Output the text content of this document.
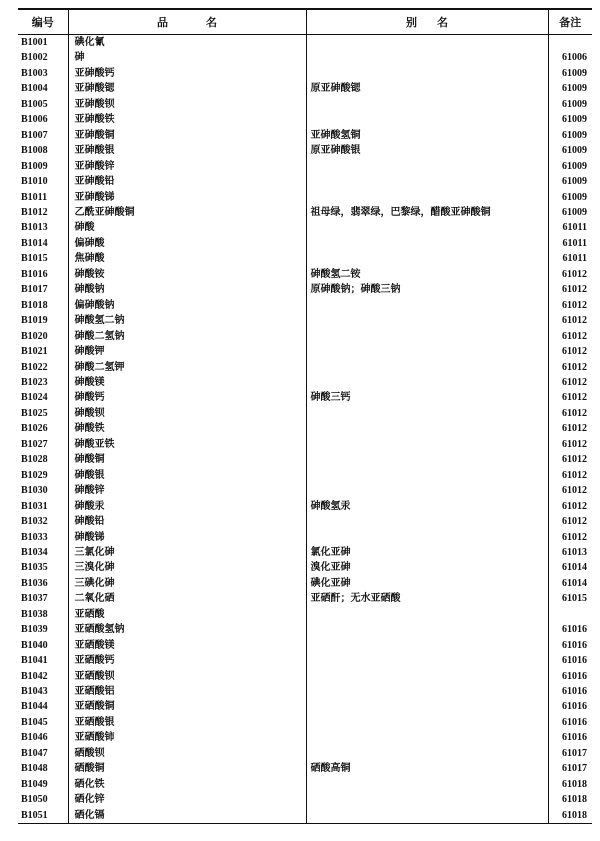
编号	品 名	别 名	备注
B1001	碘化氰		
B1002	砷		61006
B1003	亚砷酸钙		61009
B1004	亚砷酸锶	原亚砷酸锶	61009
B1005	亚砷酸钡		61009
B1006	亚砷酸铁		61009
B1007	亚砷酸铜	亚砷酸氢铜	61009
B1008	亚砷酸银	原亚砷酸银	61009
B1009	亚砷酸锌		61009
B1010	亚砷酸铅		61009
B1011	亚砷酸锑		61009
B1012	乙酰亚砷酸铜	祖母绿，翡翠绿，巴黎绿，醋酸亚砷酸铜	61009
B1013	砷酸		61011
B1014	偏砷酸		61011
B1015	焦砷酸		61011
B1016	砷酸铵	砷酸氢二铵	61012
B1017	砷酸钠	原砷酸钠；砷酸三钠	61012
B1018	偏砷酸钠		61012
B1019	砷酸氢二钠		61012
B1020	砷酸二氢钠		61012
B1021	砷酸钾		61012
B1022	砷酸二氢钾		61012
B1023	砷酸镁		61012
B1024	砷酸钙	砷酸三钙	61012
B1025	砷酸钡		61012
B1026	砷酸铁		61012
B1027	砷酸亚铁		61012
B1028	砷酸铜		61012
B1029	砷酸银		61012
B1030	砷酸锌		61012
B1031	砷酸汞	砷酸氢汞	61012
B1032	砷酸铅		61012
B1033	砷酸锑		61012
B1034	三氯化砷	氯化亚砷	61013
B1035	三溴化砷	溴化亚砷	61014
B1036	三碘化砷	碘化亚砷	61014
B1037	二氧化硒	亚硒酐；无水亚硒酸	61015
B1038	亚硒酸		
B1039	亚硒酸氢钠		61016
B1040	亚硒酸镁		61016
B1041	亚硒酸钙		61016
B1042	亚硒酸钡		61016
B1043	亚硒酸铝		61016
B1044	亚硒酸铜		61016
B1045	亚硒酸银		61016
B1046	亚硒酸铈		61016
B1047	硒酸钡		61017
B1048	硒酸铜	硒酸高铜	61017
B1049	硒化铁		61018
B1050	硒化锌		61018
B1051	硒化镉		61018
